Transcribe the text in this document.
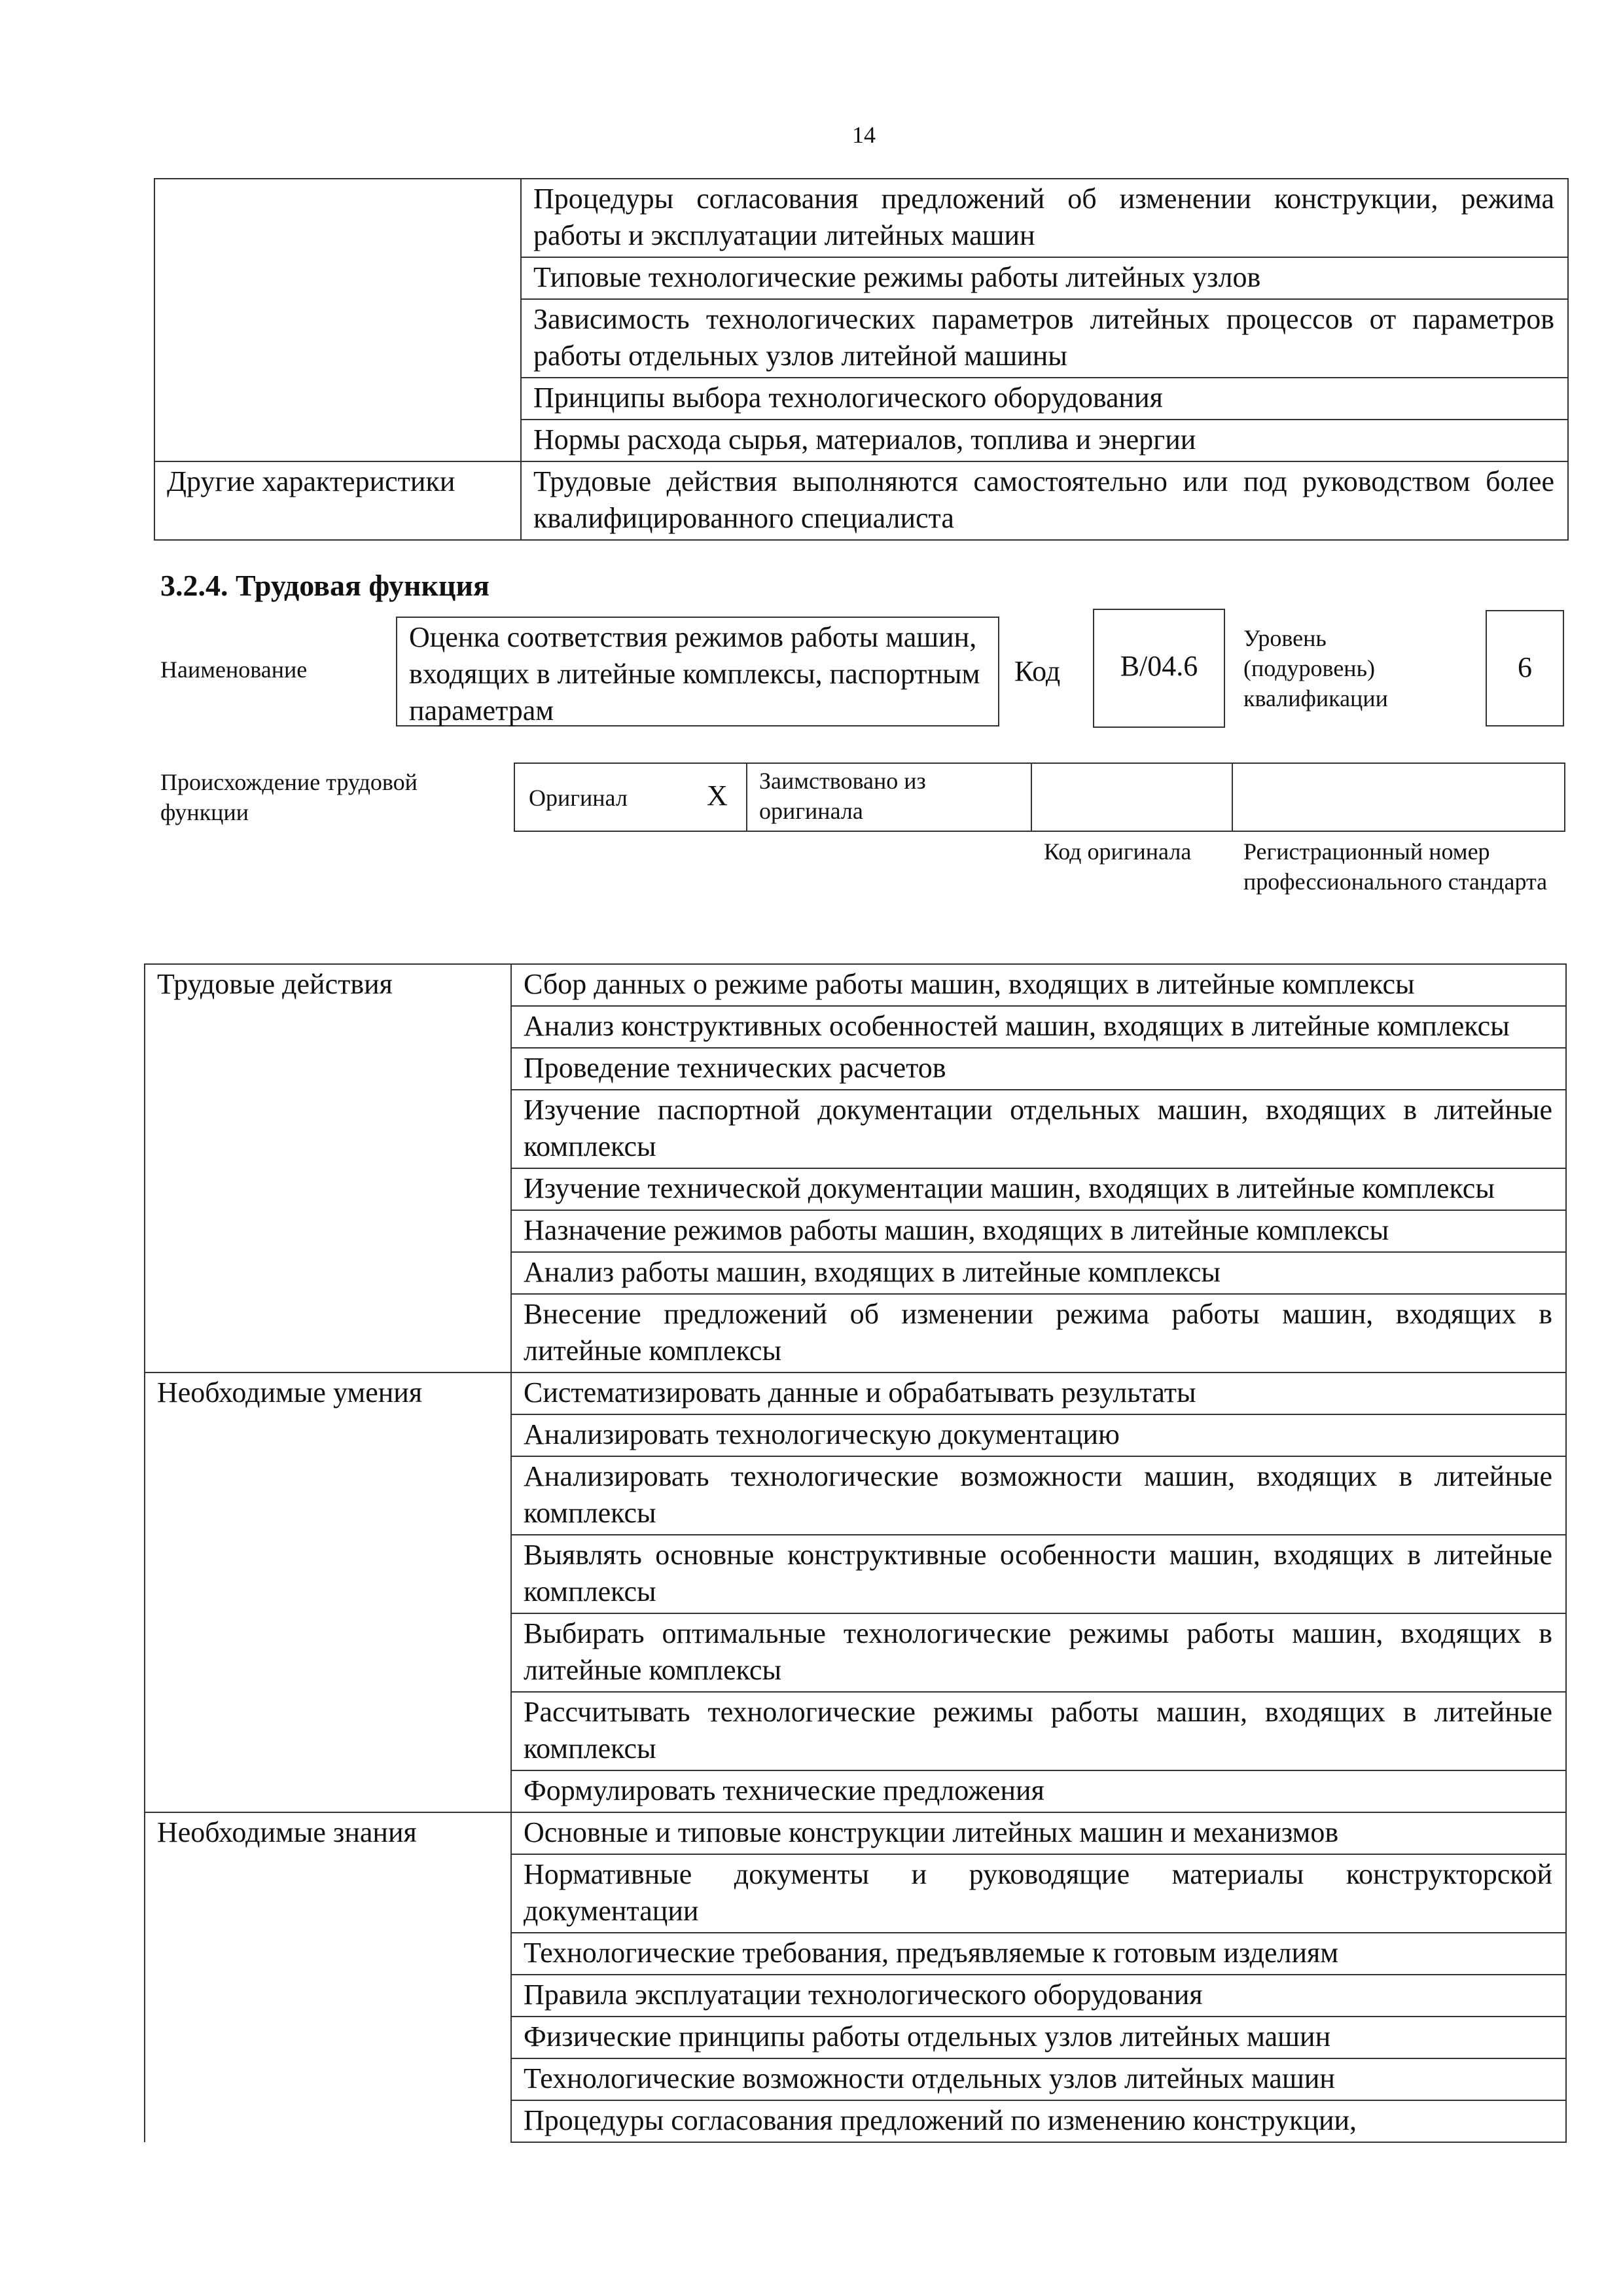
14
	Процедуры согласования предложений об изменении конструкции, режима работы и эксплуатации литейных машин
	Типовые технологические режимы работы литейных узлов
	Зависимость технологических параметров литейных процессов от параметров работы отдельных узлов литейной машины
	Принципы выбора технологического оборудования
	Нормы расхода сырья, материалов, топлива и энергии
Другие характеристики	Трудовые действия выполняются самостоятельно или под руководством более квалифицированного специалиста
3.2.4. Трудовая функция
Наименование
Оценка соответствия режимов работы машин, входящих в литейные комплексы, паспортным параметрам
Код	B/04.6
Уровень (подуровень) квалификации
6
Происхождение трудовой функции
Оригинал	X Заимствовано из оригинала
Код оригинала Регистрационный номер профессионального стандарта
Трудовые действия	Сбор данных о режиме работы машин, входящих в литейные комплексы
	Анализ конструктивных особенностей машин, входящих в литейные комплексы
	Проведение технических расчетов
	Изучение паспортной документации отдельных машин, входящих в литейные комплексы
	Изучение технической документации машин, входящих в литейные комплексы
	Назначение режимов работы машин, входящих в литейные комплексы
	Анализ работы машин, входящих в литейные комплексы
	Внесение предложений об изменении режима работы машин, входящих в литейные комплексы
Необходимые умения	Систематизировать данные и обрабатывать результаты
	Анализировать технологическую документацию
	Анализировать технологические возможности машин, входящих в литейные комплексы
	Выявлять основные конструктивные особенности машин, входящих в литейные комплексы
	Выбирать оптимальные технологические режимы работы машин, входящих в литейные комплексы
	Рассчитывать технологические режимы работы машин, входящих в литейные комплексы
	Формулировать технические предложения
Необходимые знания	Основные и типовые конструкции литейных машин и механизмов
	Нормативные документы и руководящие материалы конструкторской документации
	Технологические требования, предъявляемые к готовым изделиям
	Правила эксплуатации технологического оборудования
	Физические принципы работы отдельных узлов литейных машин
	Технологические возможности отдельных узлов литейных машин
	Процедуры согласования предложений по изменению конструкции,
